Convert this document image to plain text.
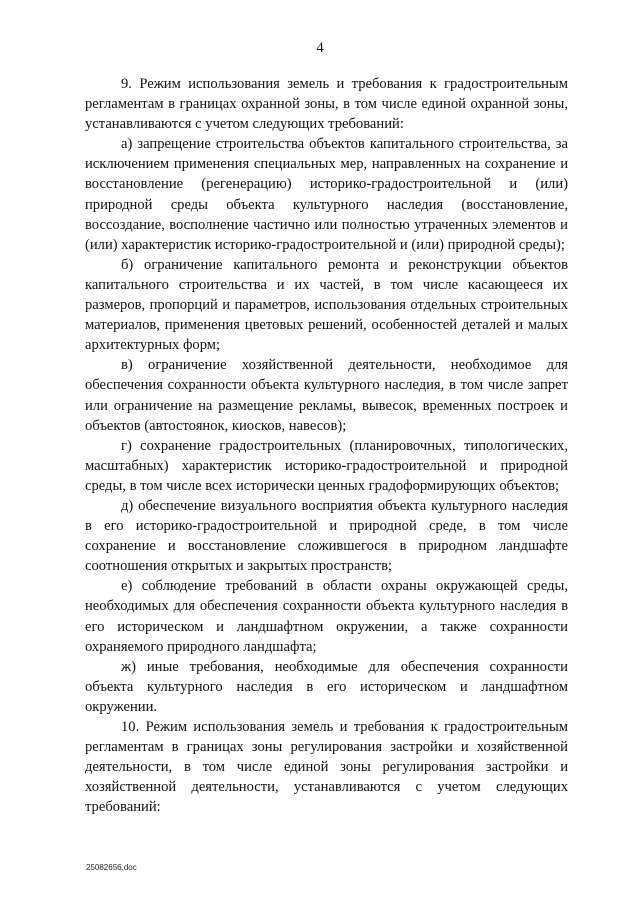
4

9. Режим использования земель и требования к градостроительным регламентам в границах охранной зоны, в том числе единой охранной зоны, устанавливаются с учетом следующих требований:

а) запрещение строительства объектов капитального строительства, за исключением применения специальных мер, направленных на сохранение и восстановление (регенерацию) историко-градостроительной и (или) природной среды объекта культурного наследия (восстановление, воссоздание, восполнение частично или полностью утраченных элементов и (или) характеристик историко-градостроительной и (или) природной среды);

б) ограничение капитального ремонта и реконструкции объектов капитального строительства и их частей, в том числе касающееся их размеров, пропорций и параметров, использования отдельных строительных материалов, применения цветовых решений, особенностей деталей и малых архитектурных форм;

в) ограничение хозяйственной деятельности, необходимое для обеспечения сохранности объекта культурного наследия, в том числе запрет или ограничение на размещение рекламы, вывесок, временных построек и объектов (автостоянок, киосков, навесов);

г) сохранение градостроительных (планировочных, типологических, масштабных) характеристик историко-градостроительной и природной среды, в том числе всех исторически ценных градоформирующих объектов;

д) обеспечение визуального восприятия объекта культурного наследия в его историко-градостроительной и природной среде, в том числе сохранение и восстановление сложившегося в природном ландшафте соотношения открытых и закрытых пространств;

е) соблюдение требований в области охраны окружающей среды, необходимых для обеспечения сохранности объекта культурного наследия в его историческом и ландшафтном окружении, а также сохранности охраняемого природного ландшафта;

ж) иные требования, необходимые для обеспечения сохранности объекта культурного наследия в его историческом и ландшафтном окружении.

10. Режим использования земель и требования к градостроительным регламентам в границах зоны регулирования застройки и хозяйственной деятельности, в том числе единой зоны регулирования застройки и хозяйственной деятельности, устанавливаются с учетом следующих требований:

25082656.doc
